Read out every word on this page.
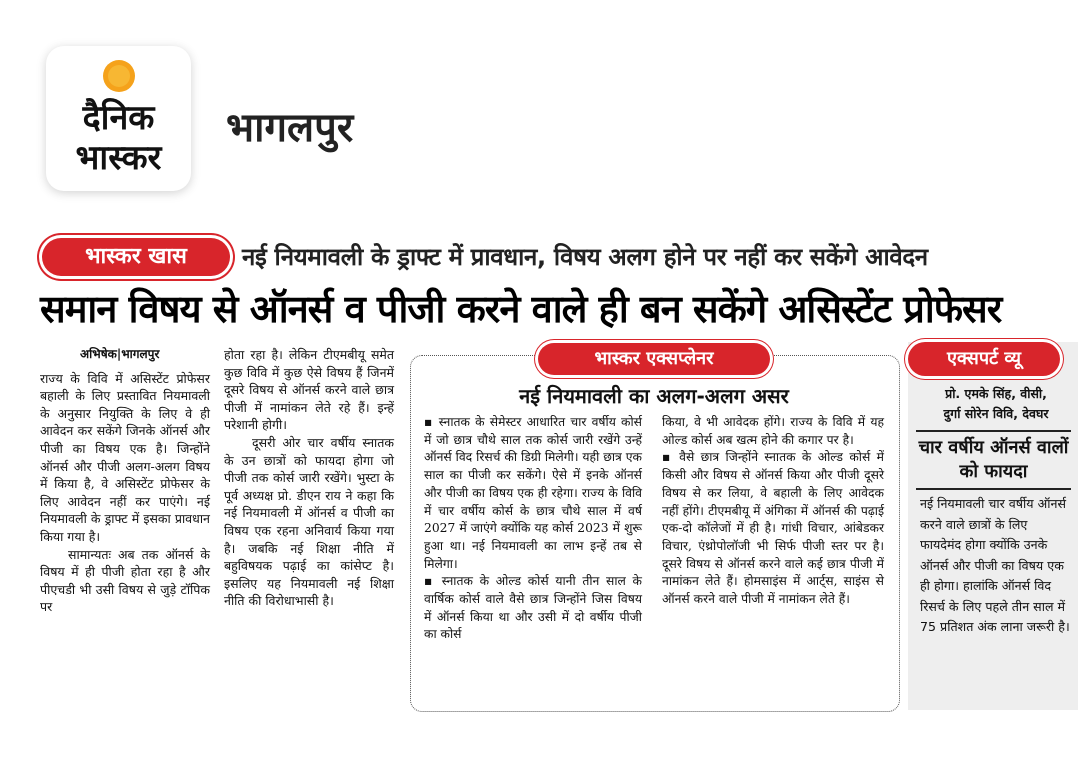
दैनिक
भास्कर
भागलपुर
भास्कर खास	नई नियमावली के ड्राफ्ट में प्रावधान, विषय अलग होने पर नहीं कर सकेंगे आवेदन
समान विषय से ऑनर्स व पीजी करने वाले ही बन सकेंगे असिस्टेंट प्रोफेसर
अभिषेक|भागलपुर

राज्य के विवि में असिस्टेंट प्रोफेसर बहाली के लिए प्रस्तावित नियमावली के अनुसार नियुक्ति के लिए वे ही आवेदन कर सकेंगे जिनके ऑनर्स और पीजी का विषय एक है। जिन्होंने ऑनर्स और पीजी अलग-अलग विषय में किया है, वे असिस्टेंट प्रोफेसर के लिए आवेदन नहीं कर पाएंगे। नई नियमावली के ड्राफ्ट में इसका प्रावधान किया गया है।

सामान्यतः अब तक ऑनर्स के विषय में ही पीजी होता रहा है और पीएचडी भी उसी विषय से जुड़े टॉपिक पर

होता रहा है। लेकिन टीएमबीयू समेत कुछ विवि में कुछ ऐसे विषय हैं जिनमें दूसरे विषय से ऑनर्स करने वाले छात्र पीजी में नामांकन लेते रहे हैं। इन्हें परेशानी होगी।

दूसरी ओर चार वर्षीय स्नातक के उन छात्रों को फायदा होगा जो पीजी तक कोर्स जारी रखेंगे। भुस्टा के पूर्व अध्यक्ष प्रो. डीएन राय ने कहा कि नई नियमावली में ऑनर्स व पीजी का विषय एक रहना अनिवार्य किया गया है। जबकि नई शिक्षा नीति में बहुविषयक पढ़ाई का कांसेप्ट है। इसलिए यह नियमावली नई शिक्षा नीति की विरोधाभासी है।

भास्कर एक्सप्लेनर
नई नियमावली का अलग-अलग असर

▪ स्नातक के सेमेस्टर आधारित चार वर्षीय कोर्स में जो छात्र चौथे साल तक कोर्स जारी रखेंगे उन्हें ऑनर्स विद रिसर्च की डिग्री मिलेगी। यही छात्र एक साल का पीजी कर सकेंगे। ऐसे में इनके ऑनर्स और पीजी का विषय एक ही रहेगा। राज्य के विवि में चार वर्षीय कोर्स के छात्र चौथे साल में वर्ष 2027 में जाएंगे क्योंकि यह कोर्स 2023 में शुरू हुआ था। नई नियमावली का लाभ इन्हें तब से मिलेगा।

▪ स्नातक के ओल्ड कोर्स यानी तीन साल के वार्षिक कोर्स वाले वैसे छात्र जिन्होंने जिस विषय में ऑनर्स किया था और उसी में दो वर्षीय पीजी का कोर्स

किया, वे भी आवेदक होंगे। राज्य के विवि में यह ओल्ड कोर्स अब खत्म होने की कगार पर है।

▪ वैसे छात्र जिन्होंने स्नातक के ओल्ड कोर्स में किसी और विषय से ऑनर्स किया और पीजी दूसरे विषय से कर लिया, वे बहाली के लिए आवेदक नहीं होंगे। टीएमबीयू में अंगिका में ऑनर्स की पढ़ाई एक-दो कॉलेजों में ही है। गांधी विचार, आंबेडकर विचार, एंथ्रोपोलॉजी भी सिर्फ पीजी स्तर पर है। दूसरे विषय से ऑनर्स करने वाले कई छात्र पीजी में नामांकन लेते हैं। होमसाइंस में आर्ट्स, साइंस से ऑनर्स करने वाले पीजी में नामांकन लेते हैं।

एक्सपर्ट व्यू
प्रो. एमके सिंह, वीसी,
दुर्गा सोरेन विवि, देवघर
चार वर्षीय ऑनर्स वालों को फायदा
नई नियमावली चार वर्षीय ऑनर्स करने वाले छात्रों के लिए फायदेमंद होगा क्योंकि उनके ऑनर्स और पीजी का विषय एक ही होगा। हालांकि ऑनर्स विद रिसर्च के लिए पहले तीन साल में 75 प्रतिशत अंक लाना जरूरी है।
